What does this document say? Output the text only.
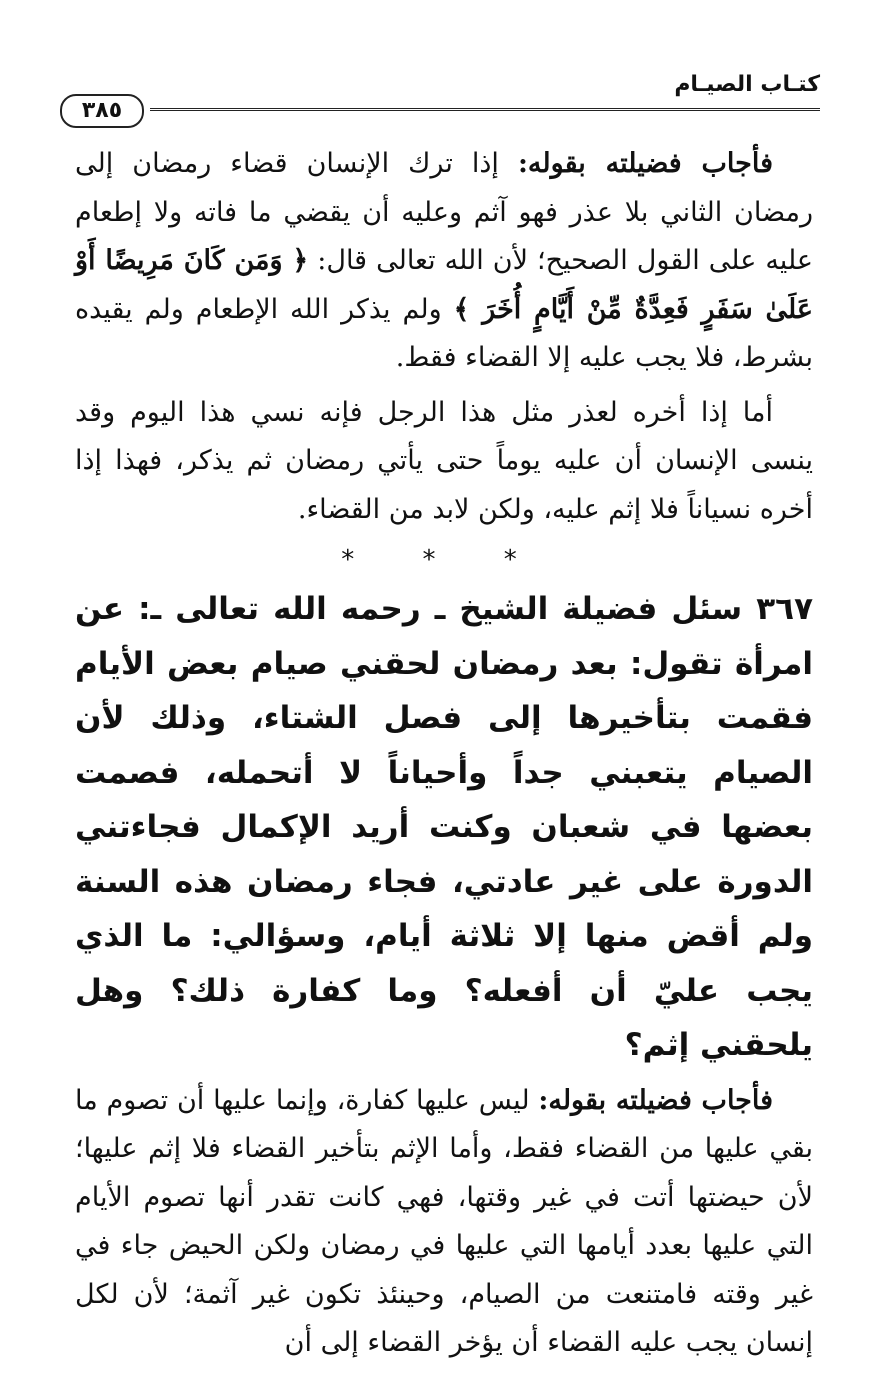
كتـاب الصيـام
٣٨٥

فأجاب فضيلته بقوله: إذا ترك الإنسان قضاء رمضان إلى رمضان الثاني بلا عذر فهو آثم وعليه أن يقضي ما فاته ولا إطعام عليه على القول الصحيح؛ لأن الله تعالى قال: ﴿ وَمَن كَانَ مَرِيضًا أَوْ عَلَىٰ سَفَرٍ فَعِدَّةٌ مِّنْ أَيَّامٍ أُخَرَ ﴾ ولم يذكر الله الإطعام ولم يقيده بشرط، فلا يجب عليه إلا القضاء فقط.

أما إذا أخره لعذر مثل هذا الرجل فإنه نسي هذا اليوم وقد ينسى الإنسان أن عليه يوماً حتى يأتي رمضان ثم يذكر، فهذا إذا أخره نسياناً فلا إثم عليه، ولكن لابد من القضاء.

* * *

٣٦٧ سئل فضيلة الشيخ ـ رحمه الله تعالى ـ: عن امرأة تقول: بعد رمضان لحقني صيام بعض الأيام فقمت بتأخيرها إلى فصل الشتاء، وذلك لأن الصيام يتعبني جداً وأحياناً لا أتحمله، فصمت بعضها في شعبان وكنت أريد الإكمال فجاءتني الدورة على غير عادتي، فجاء رمضان هذه السنة ولم أقض منها إلا ثلاثة أيام، وسؤالي: ما الذي يجب عليّ أن أفعله؟ وما كفارة ذلك؟ وهل يلحقني إثم؟

فأجاب فضيلته بقوله: ليس عليها كفارة، وإنما عليها أن تصوم ما بقي عليها من القضاء فقط، وأما الإثم بتأخير القضاء فلا إثم عليها؛ لأن حيضتها أتت في غير وقتها، فهي كانت تقدر أنها تصوم الأيام التي عليها بعدد أيامها التي عليها في رمضان ولكن الحيض جاء في غير وقته فامتنعت من الصيام، وحينئذ تكون غير آثمة؛ لأن لكل إنسان يجب عليه القضاء أن يؤخر القضاء إلى أن
